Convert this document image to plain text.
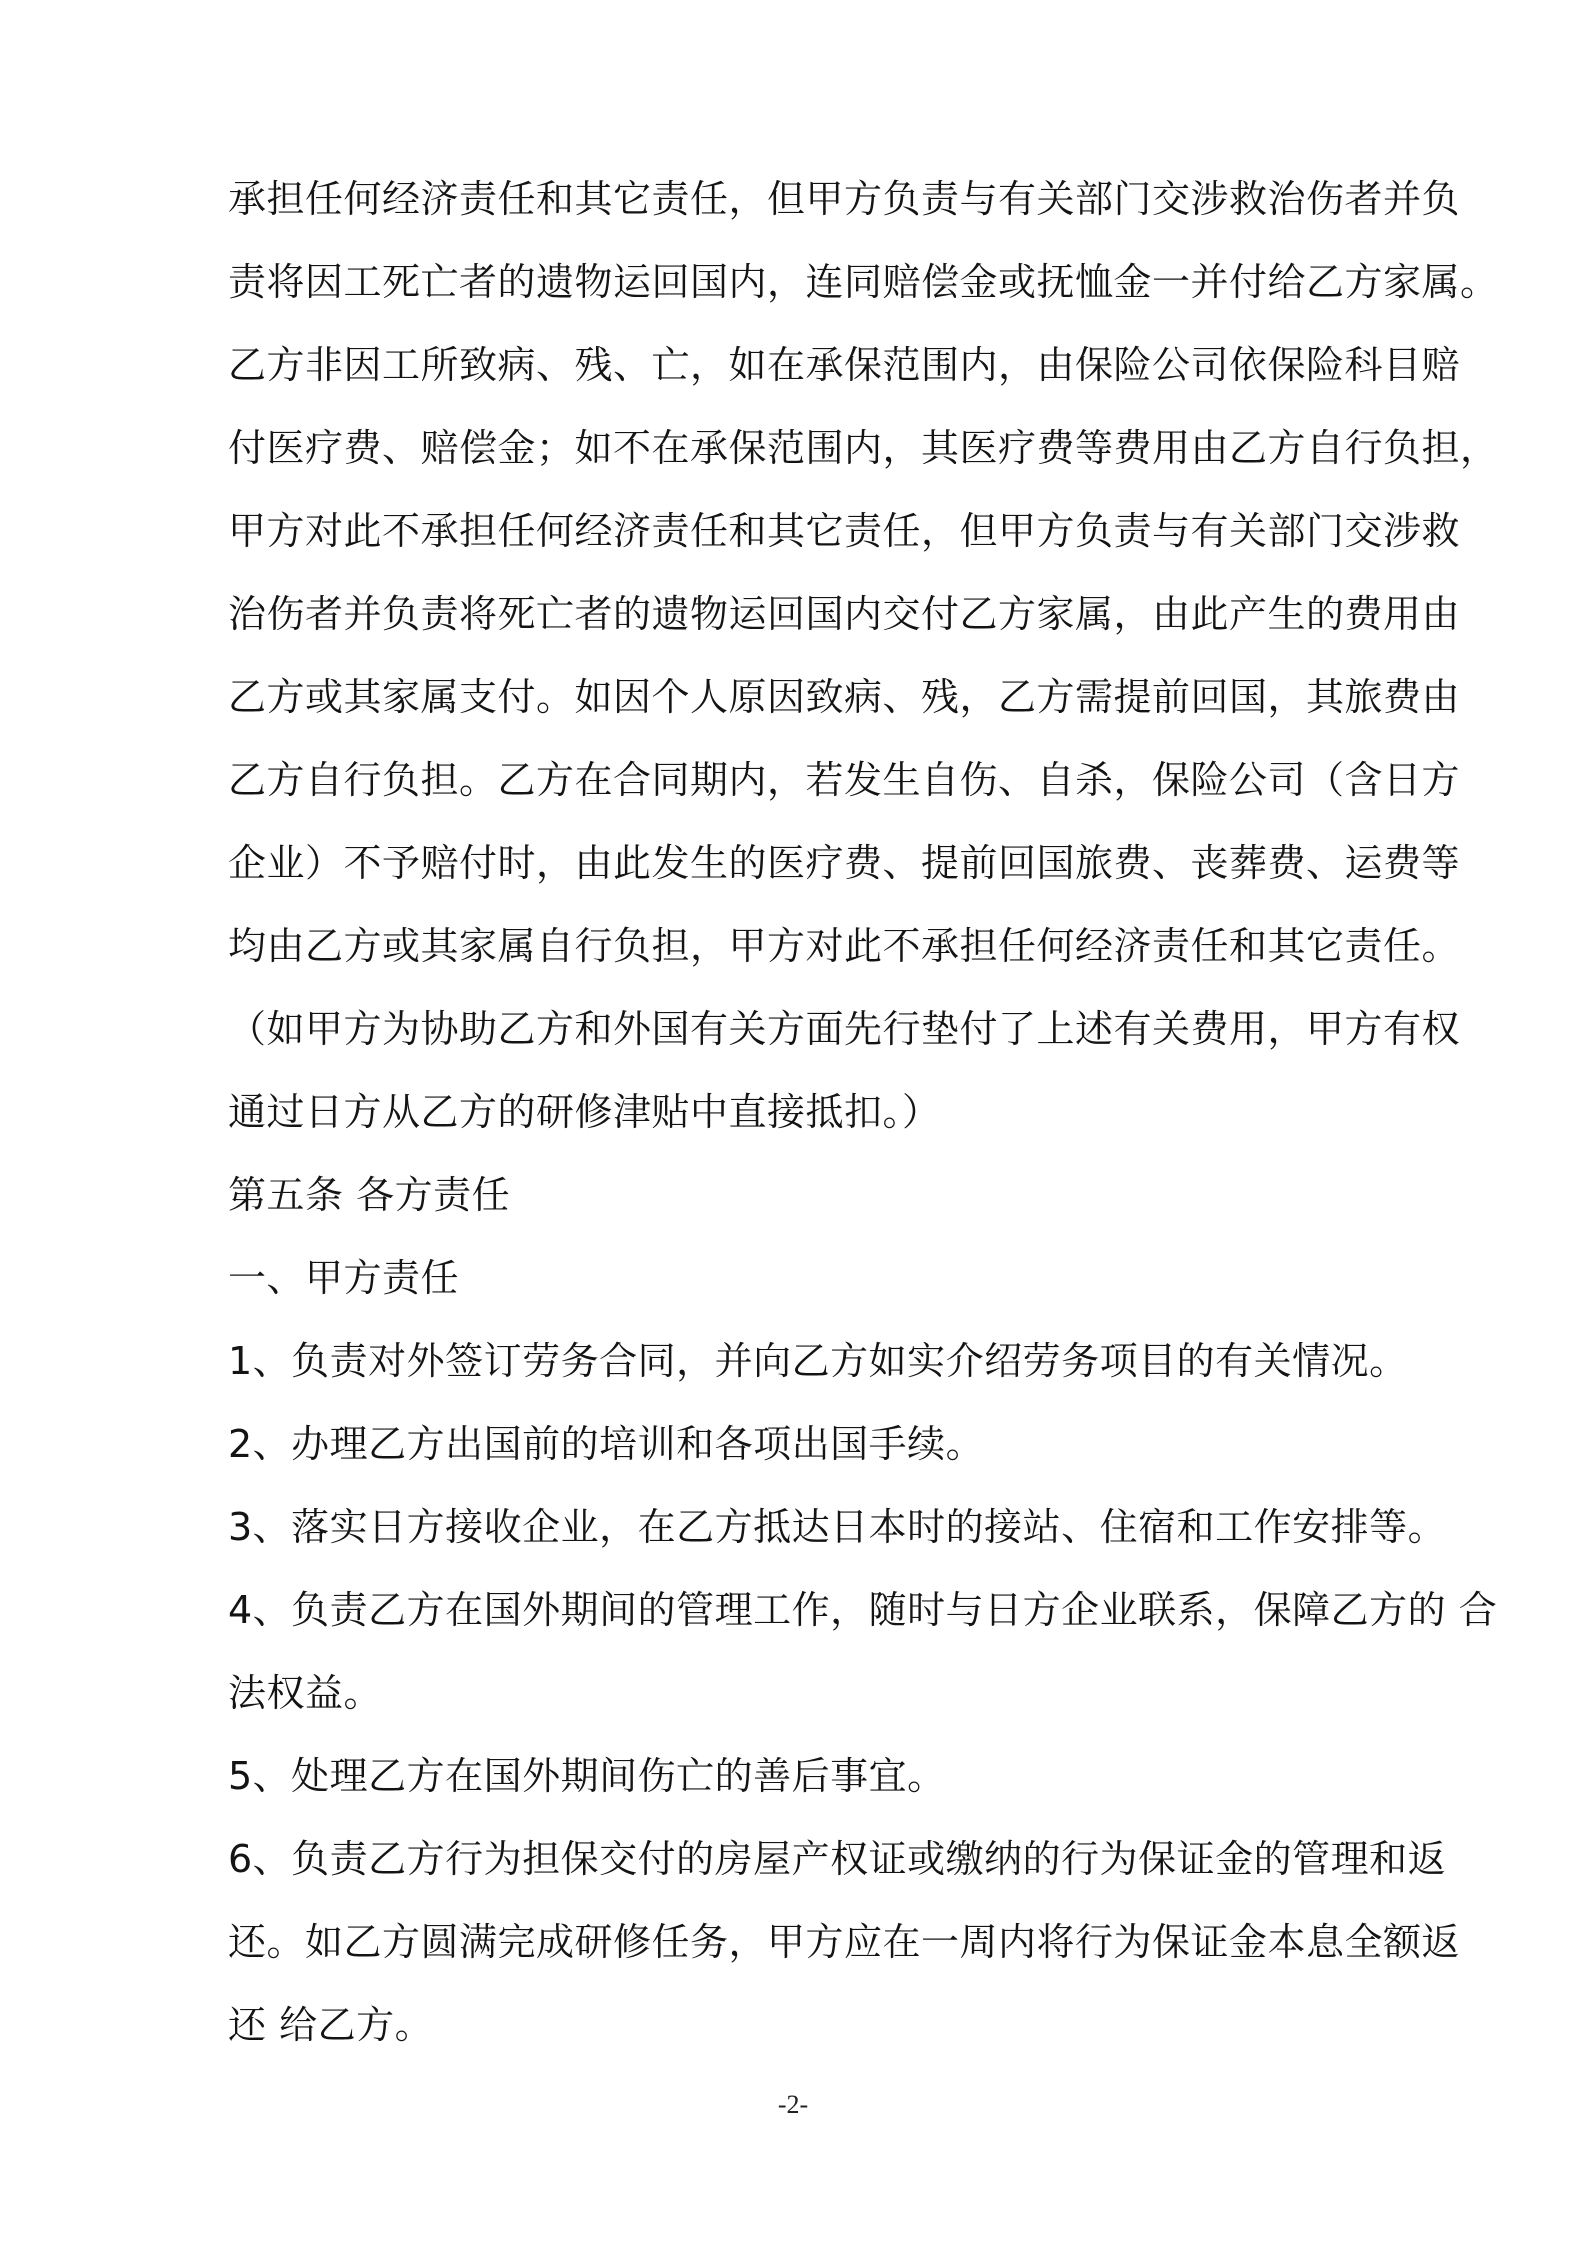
承担任何经济责任和其它责任，但甲方负责与有关部门交涉救治伤者并负

责将因工死亡者的遗物运回国内，连同赔偿金或抚恤金一并付给乙方家属。

乙方非因工所致病、残、亡，如在承保范围内，由保险公司依保险科目赔

付医疗费、赔偿金；如不在承保范围内，其医疗费等费用由乙方自行负担，

甲方对此不承担任何经济责任和其它责任，但甲方负责与有关部门交涉救

治伤者并负责将死亡者的遗物运回国内交付乙方家属，由此产生的费用由

乙方或其家属支付。如因个人原因致病、残，乙方需提前回国，其旅费由

乙方自行负担。乙方在合同期内，若发生自伤、自杀，保险公司（含日方

企业）不予赔付时，由此发生的医疗费、提前回国旅费、丧葬费、运费等

均由乙方或其家属自行负担，甲方对此不承担任何经济责任和其它责任。

（如甲方为协助乙方和外国有关方面先行垫付了上述有关费用，甲方有权

通过日方从乙方的研修津贴中直接抵扣。）

第五条 各方责任

一、甲方责任

1、负责对外签订劳务合同，并向乙方如实介绍劳务项目的有关情况。

2、办理乙方出国前的培训和各项出国手续。

3、落实日方接收企业，在乙方抵达日本时的接站、住宿和工作安排等。

4、负责乙方在国外期间的管理工作，随时与日方企业联系，保障乙方的 合

法权益。

5、处理乙方在国外期间伤亡的善后事宜。

6、负责乙方行为担保交付的房屋产权证或缴纳的行为保证金的管理和返

还。如乙方圆满完成研修任务，甲方应在一周内将行为保证金本息全额返

还 给乙方。

-2-
